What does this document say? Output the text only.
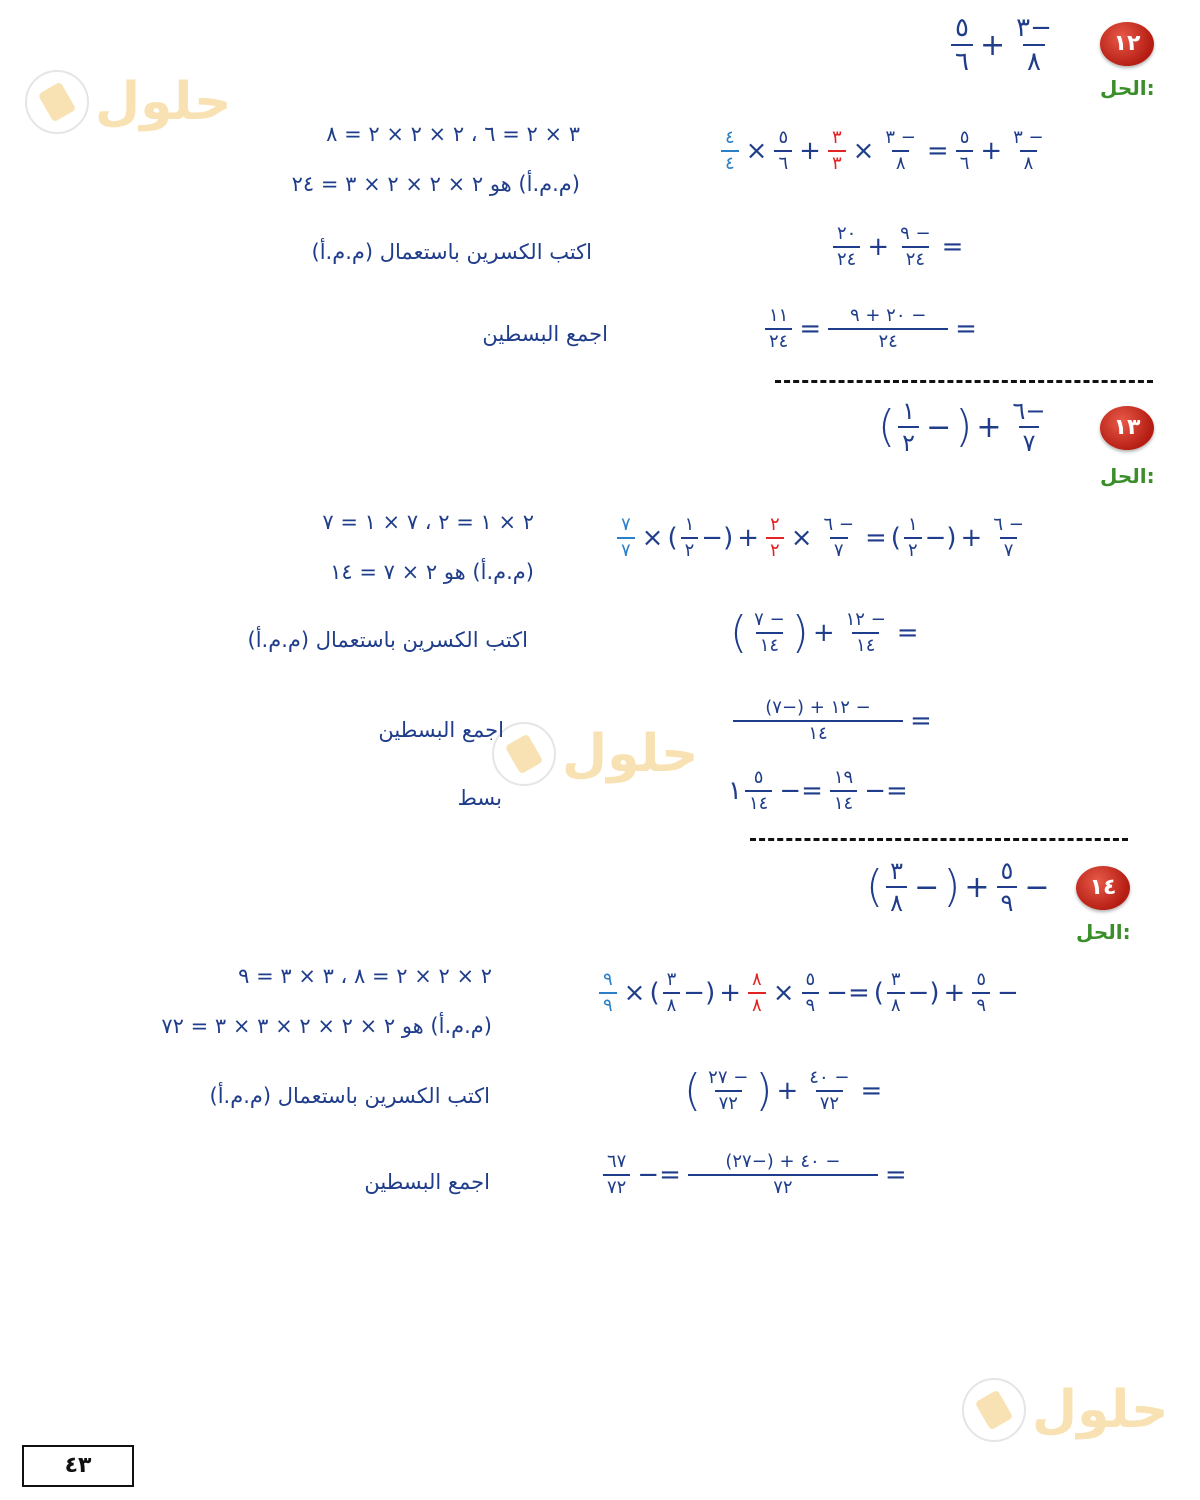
حلول
حلول
حلول
١٢
$\frac{٥}{٦} + \frac{٣-}{٨}$
الحل:
٣ × ٢ = ٦ ، ٢ × ٢ × ٢ = ٨
(م.م.أ) هو ٢ × ٢ × ٢ × ٣ = ٢٤
اكتب الكسرين باستعمال (م.م.أ)
اجمع البسطين
$\frac{٤}{٤} \times \frac{٥}{٦} + \frac{٣}{٣} \times \frac{٣ -}{٨} = \frac{٥}{٦} + \frac{٣ -}{٨}$
$\frac{٢٠}{٢٤} + \frac{٩ -}{٢٤}$ =
$\frac{١١}{٢٤} = \frac{٢٠ + ٩ -}{٢٤}$ =
١٣
( $\frac{١}{٢}$ − ) + $\frac{٦-}{٧}$
الحل:
٢ × ١ = ٢ ، ٧ × ١ = ٧
(م.م.أ) هو ٢ × ٧ = ١٤
اكتب الكسرين باستعمال (م.م.أ)
اجمع البسطين
بسط
$\frac{٧}{٧}$ × ( $\frac{١}{٢}$ −) + $\frac{٢}{٢} \times \frac{٦ -}{٧}$ = ( $\frac{١}{٢}$ −) + $\frac{٦ -}{٧}$
( $\frac{٧ -}{١٤}$ ) + $\frac{١٢ -}{١٤}$ =
$\frac{(٧-) + ١٢ -}{١٤}$ =
١ $\frac{٥}{١٤} -= \frac{١٩}{١٤}$ −=
١٤
( $\frac{٣}{٨}$ − ) + $\frac{٥}{٩}$ −
الحل:
٢ × ٢ × ٢ = ٨ ، ٣ × ٣ = ٩
(م.م.أ) هو ٢ × ٢ × ٢ × ٣ × ٣ = ٧٢
اكتب الكسرين باستعمال (م.م.أ)
اجمع البسطين
$\frac{٩}{٩}$ × ( $\frac{٣}{٨}$ −) + $\frac{٨}{٨} \times \frac{٥}{٩}$ −= ( $\frac{٣}{٨}$ −) + $\frac{٥}{٩}$ −
( $\frac{٢٧ -}{٧٢}$ ) + $\frac{٤٠ -}{٧٢}$ =
$\frac{٦٧}{٧٢} -= \frac{(٢٧-) + ٤٠ -}{٧٢}$ =
٤٣
